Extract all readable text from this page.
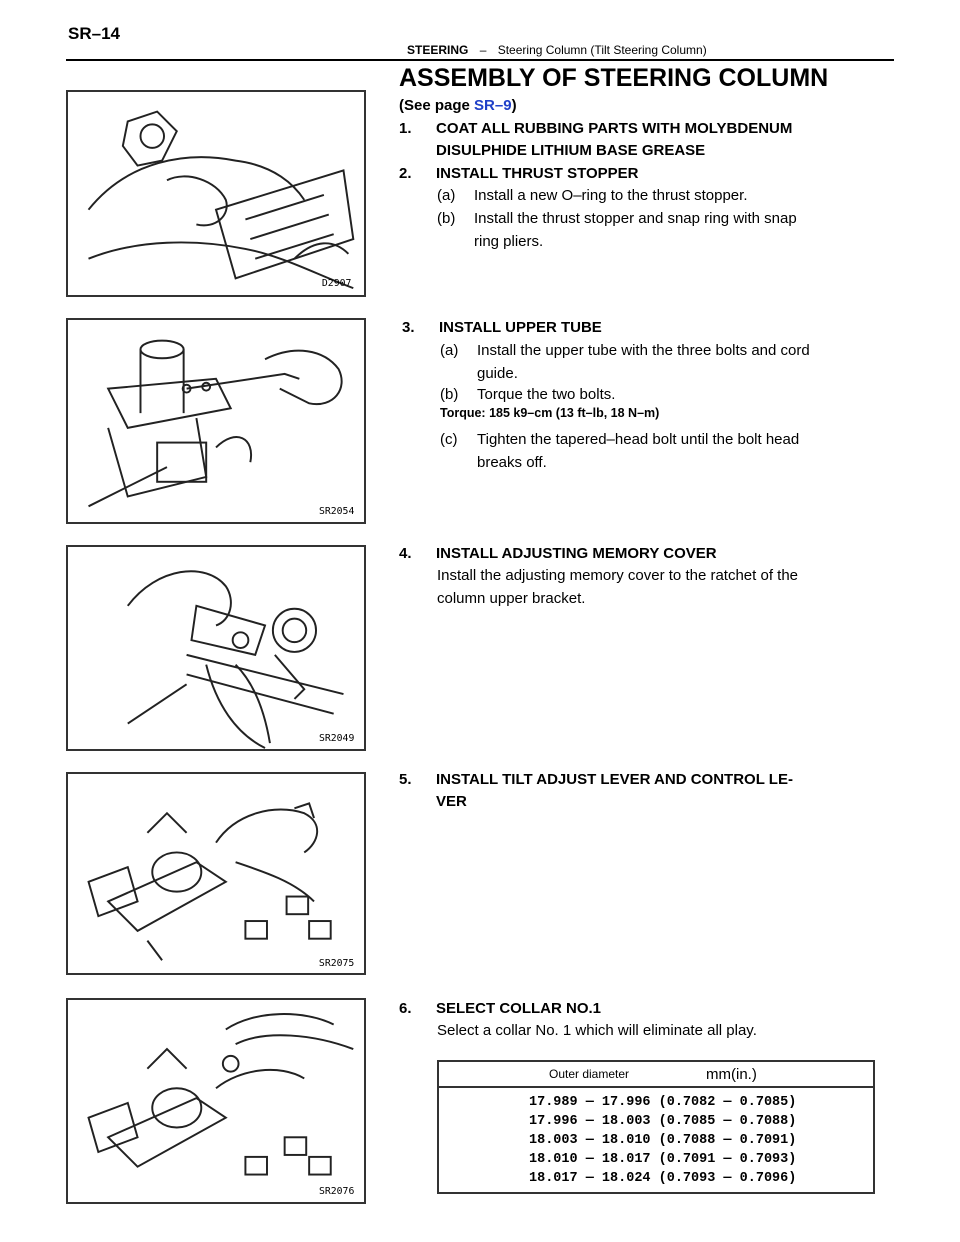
SR–14
STEERING – Steering Column (Tilt Steering Column)
D2907
SR2054
SR2049
SR2075
SR2076
ASSEMBLY OF STEERING COLUMN
(See page SR–9)
1. COAT ALL RUBBING PARTS WITH MOLYBDENUM
DISULPHIDE LITHIUM BASE GREASE
2. INSTALL THRUST STOPPER
(a) Install a new O–ring to the thrust stopper.
(b) Install the thrust stopper and snap ring with snap
ring pliers.
3. INSTALL UPPER TUBE
(a) Install the upper tube with the three bolts and cord
guide.
(b) Torque the two bolts.
Torque: 185 k9–cm (13 ft–lb, 18 N–m)
(c) Tighten the tapered–head bolt until the bolt head
breaks off.
4. INSTALL ADJUSTING MEMORY COVER
Install the adjusting memory cover to the ratchet of the
column upper bracket.
5. INSTALL TILT ADJUST LEVER AND CONTROL LE-
VER
6. SELECT COLLAR NO.1
Select a collar No. 1 which will eliminate all play.
Outer diameter	mm(in.)
17.989 — 17.996 (0.7082 — 0.7085)
17.996 — 18.003 (0.7085 — 0.7088)
18.003 — 18.010 (0.7088 — 0.7091)
18.010 — 18.017 (0.7091 — 0.7093)
18.017 — 18.024 (0.7093 — 0.7096)
